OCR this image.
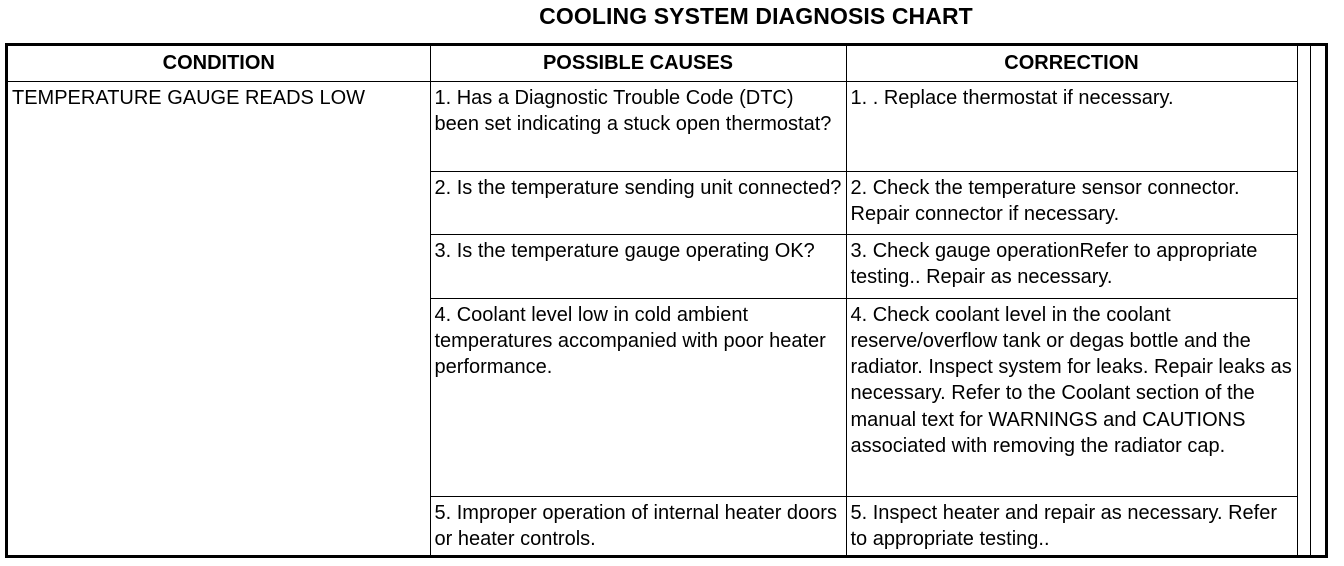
COOLING SYSTEM DIAGNOSIS CHART
CONDITION	POSSIBLE CAUSES	CORRECTION
TEMPERATURE GAUGE READS LOW	1. Has a Diagnostic Trouble Code (DTC) been set indicating a stuck open thermostat?	1. . Replace thermostat if necessary.
	2. Is the temperature sending unit connected?	2. Check the temperature sensor connector. Repair connector if necessary.
	3. Is the temperature gauge operating OK?	3. Check gauge operationRefer to appropriate testing.. Repair as necessary.
	4. Coolant level low in cold ambient temperatures accompanied with poor heater performance.	4. Check coolant level in the coolant reserve/overflow tank or degas bottle and the radiator. Inspect system for leaks. Repair leaks as necessary. Refer to the Coolant section of the manual text for WARNINGS and CAUTIONS associated with removing the radiator cap.
	5. Improper operation of internal heater doors or heater controls.	5. Inspect heater and repair as necessary. Refer to appropriate testing..
